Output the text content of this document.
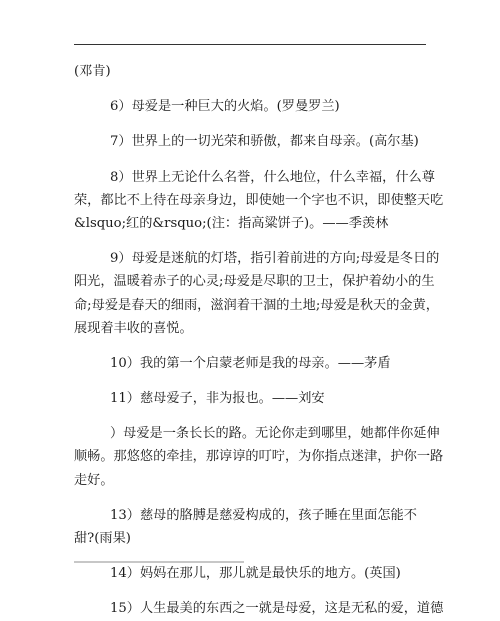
(邓肯)
6）母爱是一种巨大的火焰。(罗曼罗兰)
7）世界上的一切光荣和骄傲，都来自母亲。(高尔基)
8）世界上无论什么名誉，什么地位，什么幸福，什么尊
荣，都比不上待在母亲身边，即使她一个字也不识，即使整天吃
&lsquo;红的&rsquo;(注：指高粱饼子)。——季羡林
9）母爱是迷航的灯塔，指引着前进的方向;母爱是冬日的
阳光，温暖着赤子的心灵;母爱是尽职的卫士，保护着幼小的生
命;母爱是春天的细雨，滋润着干涸的土地;母爱是秋天的金黄，
展现着丰收的喜悦。
10）我的第一个启蒙老师是我的母亲。——茅盾
11）慈母爱子，非为报也。——刘安
）母爱是一条长长的路。无论你走到哪里，她都伴你延伸
顺畅。那悠悠的牵挂，那谆谆的叮咛，为你指点迷津，护你一路
走好。
13）慈母的胳膊是慈爱构成的，孩子睡在里面怎能不
甜?(雨果)
14）妈妈在那儿，那儿就是最快乐的地方。(英国)
15）人生最美的东西之一就是母爱，这是无私的爱，道德
